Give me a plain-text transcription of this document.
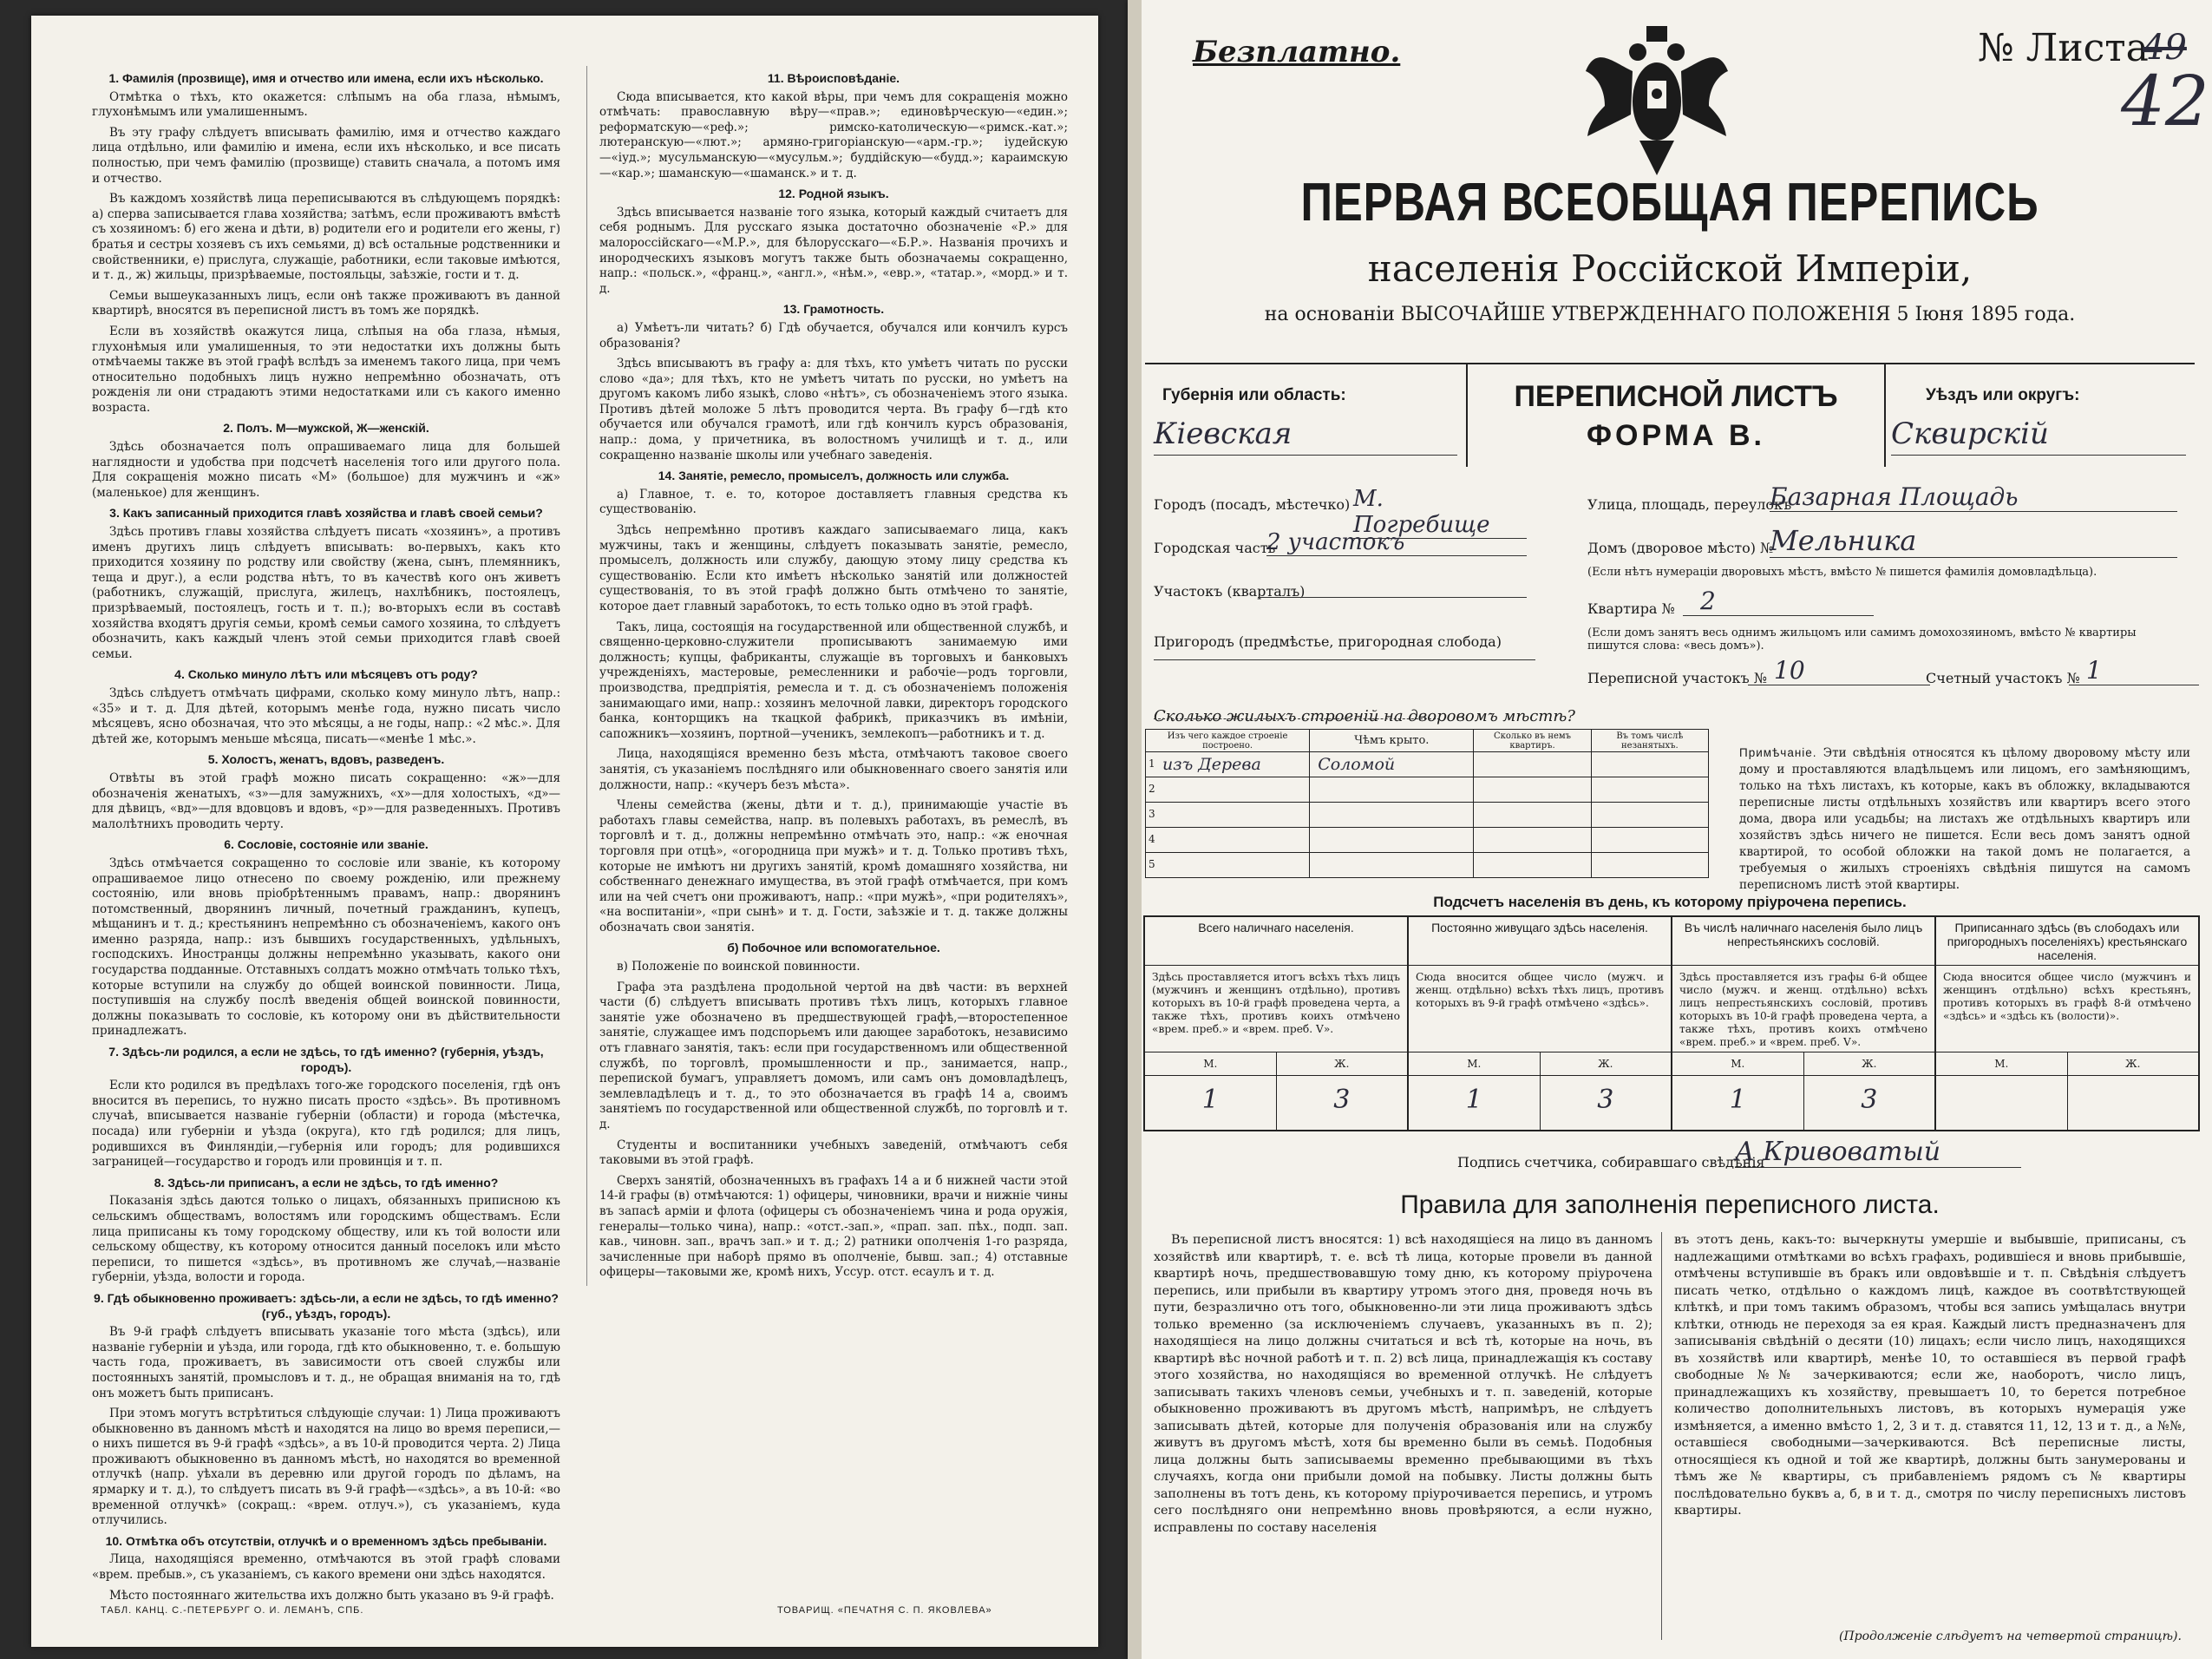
1. Фамилія (прозвище), имя и отчество или имена, если ихъ нѣсколько.

Отмѣтка о тѣхъ, кто окажется: слѣпымъ на оба глаза, нѣмымъ, глухонѣмымъ или умалишеннымъ.

Въ эту графу слѣдуетъ вписывать фамилію, имя и отчество каждаго лица отдѣльно, или фамилію и имена, если ихъ нѣсколько, и все писать полностью, при чемъ фамилію (прозвище) ставить сначала, а потомъ имя и отчество.

Въ каждомъ хозяйствѣ лица переписываются въ слѣдующемъ порядкѣ: а) сперва записывается глава хозяйства; затѣмъ, если проживаютъ вмѣстѣ съ хозяиномъ: б) его жена и дѣти, в) родители его и родители его жены, г) братья и сестры хозяевъ съ ихъ семьями, д) всѣ остальные родственники и свойственники, е) прислуга, служащіе, работники, если таковые имѣются, и т. д., ж) жильцы, призрѣваемые, постояльцы, заѣзжіе, гости и т. д.

Семьи вышеуказанныхъ лицъ, если онѣ также проживаютъ въ данной квартирѣ, вносятся въ переписной листъ въ томъ же порядкѣ.

Если въ хозяйствѣ окажутся лица, слѣпыя на оба глаза, нѣмыя, глухонѣмыя или умалишенныя, то эти недостатки ихъ должны быть отмѣчаемы также въ этой графѣ вслѣдъ за именемъ такого лица, при чемъ относительно подобныхъ лицъ нужно непремѣнно обозначать, отъ рожденія ли они страдаютъ этими недостатками или съ какого именно возраста.

2. Полъ. М—мужской, Ж—женскій.

Здѣсь обозначается полъ опрашиваемаго лица для большей наглядности и удобства при подсчетѣ населенія того или другого пола. Для сокращенія можно писать «М» (большое) для мужчинъ и «ж» (маленькое) для женщинъ.

3. Какъ записанный приходится главѣ хозяйства и главѣ своей семьи?

Здѣсь противъ главы хозяйства слѣдуетъ писать «хозяинъ», а противъ именъ другихъ лицъ слѣдуетъ вписывать: во-первыхъ, какъ кто приходится хозяину по родству или свойству (жена, сынъ, племянникъ, теща и друг.), а если родства нѣтъ, то въ качествѣ кого онъ живетъ (работникъ, служащій, прислуга, жилецъ, нахлѣбникъ, постоялецъ, призрѣваемый, постоялецъ, гость и т. п.); во-вторыхъ если въ составѣ хозяйства входятъ другія семьи, кромѣ семьи самого хозяина, то слѣдуетъ обозначить, какъ каждый членъ этой семьи приходится главѣ своей семьи.

4. Сколько минуло лѣтъ или мѣсяцевъ отъ роду?

Здѣсь слѣдуетъ отмѣчать цифрами, сколько кому минуло лѣтъ, напр.: «35» и т. д. Для дѣтей, которымъ менѣе года, нужно писать число мѣсяцевъ, ясно обозначая, что это мѣсяцы, а не годы, напр.: «2 мѣс.». Для дѣтей же, которымъ меньше мѣсяца, писать—«менѣе 1 мѣс.».

5. Холостъ, женатъ, вдовъ, разведенъ.

Отвѣты въ этой графѣ можно писать сокращенно: «ж»—для обозначенія женатыхъ, «з»—для замужнихъ, «х»—для холостыхъ, «д»—для дѣвицъ, «вд»—для вдовцовъ и вдовъ, «р»—для разведенныхъ. Противъ малолѣтнихъ проводить черту.

6. Сословіе, состояніе или званіе.

Здѣсь отмѣчается сокращенно то сословіе или званіе, къ которому опрашиваемое лицо отнесено по своему рожденію, или прежнему состоянію, или вновь пріобрѣтеннымъ правамъ, напр.: дворянинъ потомственный, дворянинъ личный, почетный гражданинъ, купецъ, мѣщанинъ и т. д.; крестьянинъ непремѣнно съ обозначеніемъ, какого онъ именно разряда, напр.: изъ бывшихъ государственныхъ, удѣльныхъ, господскихъ. Иностранцы должны непремѣнно указывать, какого они государства подданные. Отставныхъ солдатъ можно отмѣчать только тѣхъ, которые вступили на службу до общей воинской повинности. Лица, поступившія на службу послѣ введенія общей воинской повинности, должны показывать то сословіе, къ которому они въ дѣйствительности принадлежатъ.

7. Здѣсь-ли родился, а если не здѣсь, то гдѣ именно? (губернія, уѣздъ, городъ).

Если кто родился въ предѣлахъ того-же городского поселенія, гдѣ онъ вносится въ перепись, то нужно писать просто «здѣсь». Въ противномъ случаѣ, вписывается названіе губерніи (области) и города (мѣстечка, посада) или губерніи и уѣзда (округа), кто гдѣ родился; для лицъ, родившихся въ Финляндіи,—губернія или городъ; для родившихся заграницей—государство и городъ или провинція и т. п.

8. Здѣсь-ли приписанъ, а если не здѣсь, то гдѣ именно?

Показанія здѣсь даются только о лицахъ, обязанныхъ приписною къ сельскимъ обществамъ, волостямъ или городскимъ обществамъ. Если лица приписаны къ тому городскому обществу, или къ той волости или сельскому обществу, къ которому относится данный поселокъ или мѣсто переписи, то пишется «здѣсь», въ противномъ же случаѣ,—названіе губерніи, уѣзда, волости и города.

9. Гдѣ обыкновенно проживаетъ: здѣсь-ли, а если не здѣсь, то гдѣ именно? (губ., уѣздъ, городъ).

Въ 9-й графѣ слѣдуетъ вписывать указаніе того мѣста (здѣсь), или названіе губерніи и уѣзда, или города, гдѣ кто обыкновенно, т. е. большую часть года, проживаетъ, въ зависимости отъ своей службы или постоянныхъ занятій, промысловъ и т. д., не обращая вниманія на то, гдѣ онъ можетъ быть приписанъ.

При этомъ могутъ встрѣтиться слѣдующіе случаи: 1) Лица проживаютъ обыкновенно въ данномъ мѣстѣ и находятся на лицо во время переписи,—о нихъ пишется въ 9-й графѣ «здѣсь», а въ 10-й проводится черта. 2) Лица проживаютъ обыкновенно въ данномъ мѣстѣ, но находятся во временной отлучкѣ (напр. уѣхали въ деревню или другой городъ по дѣламъ, на ярмарку и т. д.), то слѣдуетъ писать въ 9-й графѣ—«здѣсь», а въ 10-й: «во временной отлучкѣ» (сокращ.: «врем. отлуч.»), съ указаніемъ, куда отлучились.

10. Отмѣтка объ отсутствіи, отлучкѣ и о временномъ здѣсь пребываніи.

Лица, находящіяся временно, отмѣчаются въ этой графѣ словами «врем. пребыв.», съ указаніемъ, съ какого времени они здѣсь находятся.

Мѣсто постояннаго жительства ихъ должно быть указано въ 9-й графѣ.

11. Вѣроисповѣданіе.

Сюда вписывается, кто какой вѣры, при чемъ для сокращенія можно отмѣчать: православную вѣру—«прав.»; единовѣрческую—«един.»; реформатскую—«реф.»; римско-католическую—«римск.-кат.»; лютеранскую—«лют.»; армяно-григоріанскую—«арм.-гр.»; іудейскую—«іуд.»; мусульманскую—«мусульм.»; буддійскую—«будд.»; караимскую—«кар.»; шаманскую—«шаманск.» и т. д.

12. Родной языкъ.

Здѣсь вписывается названіе того языка, который каждый считаетъ для себя роднымъ. Для русскаго языка достаточно обозначеніе «Р.» для малороссійскаго—«М.Р.», для бѣлорусскаго—«Б.Р.». Названія прочихъ и инородческихъ языковъ могутъ также быть обозначаемы сокращенно, напр.: «польск.», «франц.», «англ.», «нѣм.», «евр.», «татар.», «морд.» и т. д.

13. Грамотность.

а) Умѣетъ-ли читать? б) Гдѣ обучается, обучался или кончилъ курсъ образованія?

Здѣсь вписываютъ въ графу а: для тѣхъ, кто умѣетъ читать по русски слово «да»; для тѣхъ, кто не умѣетъ читать по русски, но умѣетъ на другомъ какомъ либо языкѣ, слово «нѣтъ», съ обозначеніемъ этого языка. Противъ дѣтей моложе 5 лѣтъ проводится черта. Въ графу б—гдѣ кто обучается или обучался грамотѣ, или гдѣ кончилъ курсъ образованія, напр.: дома, у причетника, въ волостномъ училищѣ и т. д., или сокращенно названіе школы или учебнаго заведенія.

14. Занятіе, ремесло, промыселъ, должность или служба.

а) Главное, т. е. то, которое доставляетъ главныя средства къ существованію.

Здѣсь непремѣнно противъ каждаго записываемаго лица, какъ мужчины, такъ и женщины, слѣдуетъ показывать занятіе, ремесло, промыселъ, должность или службу, дающую этому лицу средства къ существованію. Если кто имѣетъ нѣсколько занятій или должностей существованія, то въ этой графѣ должно быть отмѣчено то занятіе, которое дает главный заработокъ, то есть только одно въ этой графѣ.

Такъ, лица, состоящія на государственной или общественной службѣ, и священно-церковно-служители прописываютъ занимаемую ими должность; купцы, фабриканты, служащіе въ торговыхъ и банковыхъ учрежденіяхъ, мастеровые, ремесленники и рабочіе—родъ торговли, производства, предпріятія, ремесла и т. д. съ обозначеніемъ положенія занимающаго ими, напр.: хозяинъ мелочной лавки, директоръ городского банка, конторщикъ на ткацкой фабрикѣ, приказчикъ въ имѣніи, сапожникъ—хозяинъ, портной—ученикъ, землекопъ—работникъ и т. д.

Лица, находящіяся временно безъ мѣста, отмѣчаютъ таковое своего занятія, съ указаніемъ послѣдняго или обыкновеннаго своего занятія или должности, напр.: «кучеръ безъ мѣста».

Члены семейства (жены, дѣти и т. д.), принимающіе участіе въ работахъ главы семейства, напр. въ полевыхъ работахъ, въ ремеслѣ, въ торговлѣ и т. д., должны непремѣнно отмѣчать это, напр.: «ж еночная торговля при отцѣ», «огородница при мужѣ» и т. д. Только противъ тѣхъ, которые не имѣютъ ни другихъ занятій, кромѣ домашняго хозяйства, ни собственнаго денежнаго имущества, въ этой графѣ отмѣчается, при комъ или на чей счетъ они проживаютъ, напр.: «при мужѣ», «при родителяхъ», «на воспитаніи», «при сынѣ» и т. д. Гости, заѣзжіе и т. д. также должны обозначать свои занятія.

б) Побочное или вспомогательное.

в) Положеніе по воинской повинности.

Графа эта раздѣлена продольной чертой на двѣ части: въ верхней части (б) слѣдуетъ вписывать противъ тѣхъ лицъ, которыхъ главное занятіе уже обозначено въ предшествующей графѣ,—второстепенное занятіе, служащее имъ подспорьемъ или дающее заработокъ, независимо отъ главнаго занятія, такъ: если при государственномъ или общественной службѣ, по торговлѣ, промышленности и пр., занимается, напр., перепиской бумагъ, управляетъ домомъ, или самъ онъ домовладѣлецъ, землевладѣлецъ и т. д., то это обозначается въ графѣ 14 а, своимъ занятіемъ по государственной или общественной службѣ, по торговлѣ и т. д.

Студенты и воспитанники учебныхъ заведеній, отмѣчаютъ себя таковыми въ этой графѣ.

Сверхъ занятій, обозначенныхъ въ графахъ 14 а и б нижней части этой 14-й графы (в) отмѣчаются: 1) офицеры, чиновники, врачи и нижніе чины въ запасѣ армiи и флота (офицеры съ обозначеніемъ чина и рода оружія, генералы—только чина), напр.: «отст.-зап.», «прап. зап. пѣх., подп. зап. кав., чиновн. зап., врачъ зап.» и т. д.; 2) ратники ополченія 1-го разряда, зачисленные при наборѣ прямо въ ополченіе, бывш. зап.; 4) отставные офицеры—таковыми же, кромѣ нихъ, Уссур. отст. есаулъ и т. д.

ТАБЛ. КАНЦ. С.-ПЕТЕРБУРГ О. И. ЛЕМАНЪ, СПБ.	ТОВАРИЩ. «ПЕЧАТНЯ С. П. ЯКОВЛЕВА»
Безплатно.	№ Листа
49
42
ПЕРВАЯ ВСЕОБЩАЯ ПЕРЕПИСЬ
населенія Россійской Имперіи,
на основаніи ВЫСОЧАЙШЕ УТВЕРЖДЕННАГО ПОЛОЖЕНІЯ 5 Іюня 1895 года.
Губернія или область:
Кіевская
ПЕРЕПИСНОЙ ЛИСТЪ
ФОРМА В.
Уѣздъ или округъ:
Сквирскій
Городъ (посадъ, мѣстечко) М. Погребище
Улица, площадь, переулокъ
Базарная Площадь
Городская часть
2 участокъ	Домъ (дворовое мѣсто) №
Мельника
(Если нѣтъ нумераціи дворовыхъ мѣстъ, вмѣсто № пишется фамилія домовладѣльца).
Участокъ (кварталъ)
Квартира №	2
(Если домъ занятъ весь однимъ жильцомъ или самимъ домохозяиномъ, вмѣсто № квартиры пишутся слова: «весь домъ»).
Пригородъ (предмѣстье, пригородная слобода)
Переписной участокъ № 10	Счетный участокъ № 1
Сколько жилыхъ строеній на дворовомъ мѣстѣ?
Изъ чего каждое строеніе построено.	Чѣмъ крыто.	Сколько въ немъ квартиръ.	Въ томъ числѣ незанятыхъ.

1 изъ Дерева	Соломой		

2			

3			

4			

5			

Примѣчаніе. Эти свѣдѣнія относятся къ цѣлому дворовому мѣсту или дому и проставляются владѣльцемъ или лицомъ, его замѣняющимъ, только на тѣхъ листахъ, къ которые, какъ въ обложку, вкладываются переписные листы отдѣльныхъ хозяйствъ или квартиръ всего этого дома, двора или усадьбы; на листахъ же отдѣльныхъ квартиръ или хозяйствъ здѣсь ничего не пишется. Если весь домъ занятъ одной квартирой, то особой обложки на такой домъ не полагается, а требуемыя о жилыхъ строеніяхъ свѣдѣнія пишутся на самомъ переписномъ листѣ этой квартиры.
Подсчетъ населенія въ день, къ которому пріурочена перепись.
Всего наличнаго населенія.
Здѣсь проставляется итогъ всѣхъ тѣхъ лицъ (мужчинъ и женщинъ отдѣльно), противъ которыхъ въ 10-й графѣ проведена черта, а также тѣхъ, противъ коихъ отмѣчено «врем. преб.» и «врем. преб. V».
М.	Ж.
1	3
Постоянно живущаго здѣсь населенія.
Сюда вносится общее число (мужч. и женщ. отдѣльно) всѣхъ тѣхъ лицъ, противъ которыхъ въ 9-й графѣ отмѣчено «здѣсь».
М.	Ж.
1	3
Въ числѣ наличнаго населенія было лицъ непрестьянскихъ сословій.
Здѣсь проставляется изъ графы 6-й общее число (мужч. и женщ. отдѣльно) всѣхъ лицъ непрестьянскихъ сословій, противъ которыхъ въ 10-й графѣ проведена черта, а также тѣхъ, противъ коихъ отмѣчено «врем. преб.» и «врем. преб. V».
М.	Ж.
1	3
Приписаннаго здѣсь (въ слободахъ или пригородныхъ поселеніяхъ) крестьянскаго населенія.
Сюда вносится общее число (мужчинъ и женщинъ отдѣльно) всѣхъ крестьянъ, противъ которыхъ въ графѣ 8-й отмѣчено «здѣсь» и «здѣсь къ (волости)».
М.	Ж.
Подпись счетчика, собиравшаго свѣдѣнія
А Кривоватый
Правила для заполненія переписного листа.
Въ переписной листъ вносятся: 1) всѣ находящіеся на лицо въ данномъ хозяйствѣ или квартирѣ, т. е. всѣ тѣ лица, которые провели въ данной квартирѣ ночь, предшествовавшую тому дню, къ которому пріурочена перепись, или прибыли въ квартиру утромъ этого дня, проведя ночь въ пути, безразлично отъ того, обыкновенно-ли эти лица проживаютъ здѣсь только временно (за исключеніемъ случаевъ, указанныхъ въ п. 2); находящіеся на лицо должны считаться и всѣ тѣ, которые на ночь, въ квартирѣ вѣс ночной работѣ и т. п. 2) всѣ лица, принадлежащія къ составу этого хозяйства, но находящіяся во временной отлучкѣ. Не слѣдуетъ записывать такихъ членовъ семьи, учебныхъ и т. п. заведеній, которые обыкновенно проживаютъ въ другомъ мѣстѣ, напримѣръ, не слѣдуетъ записывать дѣтей, которые для полученія образованія или на службу живутъ въ другомъ мѣстѣ, хотя бы временно были въ семьѣ. Подобныя лица должны быть записываемы временно пребывающими въ тѣхъ случаяхъ, когда они прибыли домой на побывку. Листы должны быть заполнены въ тотъ день, къ которому пріурочивается перепись, и утромъ сего послѣдняго они непремѣнно вновь провѣряются, а если нужно, исправлены по составу населенія
въ этотъ день, какъ-то: вычеркнуты умершіе и выбывшіе, приписаны, съ надлежащими отмѣтками во всѣхъ графахъ, родившіеся и вновь прибывшіе, отмѣчены вступившіе въ бракъ или овдовѣвшіе и т. п. Свѣдѣнія слѣдуетъ писать четко, отдѣльно о каждомъ лицѣ, каждое въ соотвѣтствующей клѣткѣ, и при томъ такимъ образомъ, чтобы вся запись умѣщалась внутри клѣтки, отнюдь не переходя за ея края. Каждый листъ предназначенъ для записыванія свѣдѣній о десяти (10) лицахъ; если число лицъ, находящихся въ хозяйствѣ или квартирѣ, менѣе 10, то оставшіеся въ первой графѣ свободные №№ зачеркиваются; если же, наоборотъ, число лицъ, принадлежащихъ къ хозяйству, превышаетъ 10, то берется потребное количество дополнительныхъ листовъ, въ которыхъ нумерація уже измѣняется, а именно вмѣсто 1, 2, 3 и т. д. ставятся 11, 12, 13 и т. д., а №№, оставшіеся свободными—зачеркиваются. Всѣ переписные листы, относящіеся къ одной и той же квартирѣ, должны быть занумерованы и тѣмъ же № квартиры, съ прибавленіемъ рядомъ съ № квартиры послѣдовательно буквъ а, б, в и т. д., смотря по числу переписныхъ листовъ квартиры.
(Продолженіе слѣдуетъ на четвертой страницѣ).
